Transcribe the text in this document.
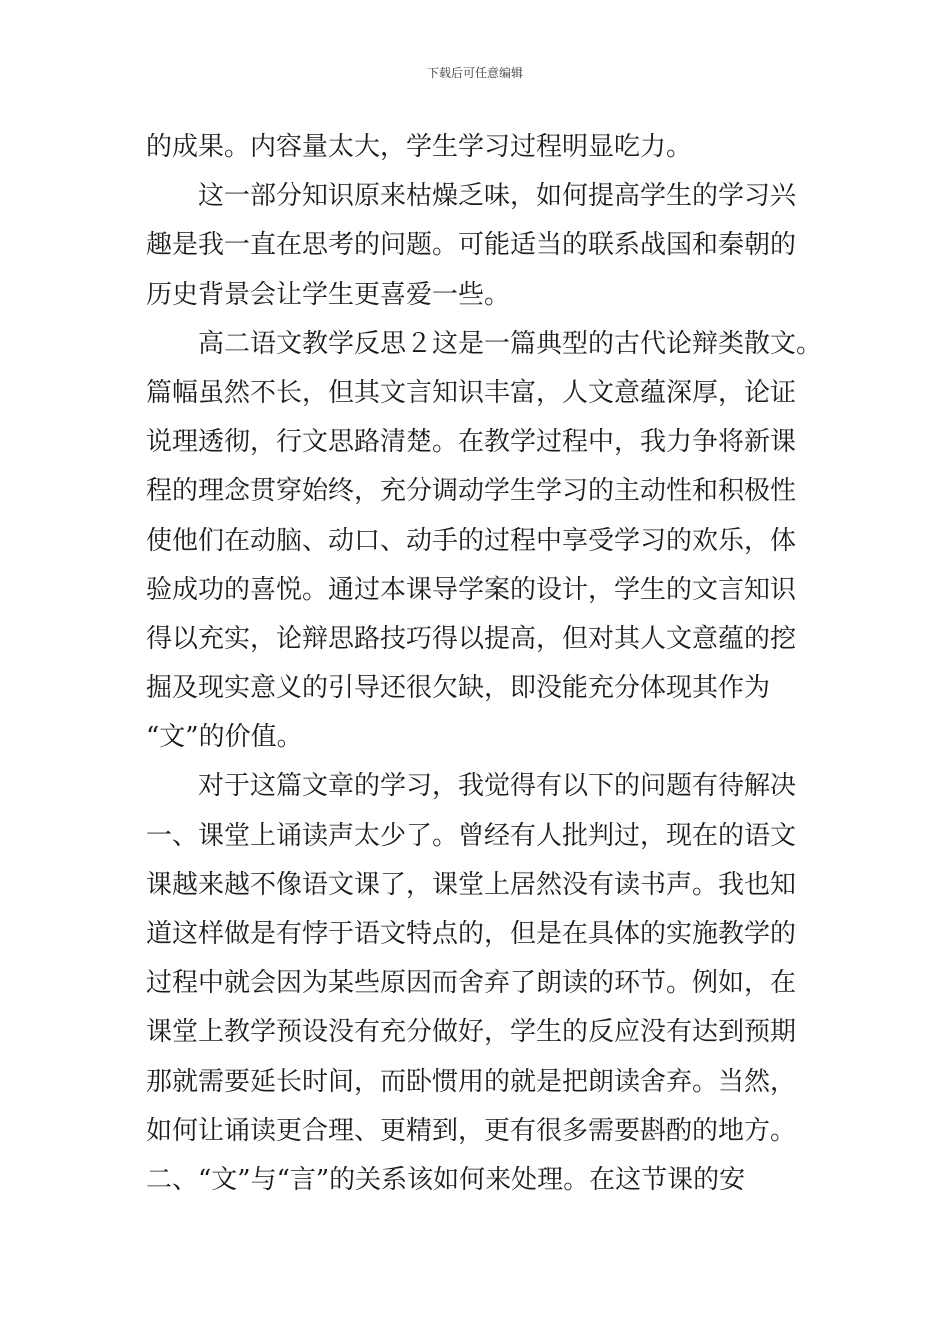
下载后可任意编辑
的成果。内容量太大，学生学习过程明显吃力。
　　这一部分知识原来枯燥乏味，如何提高学生的学习兴
趣是我一直在思考的问题。可能适当的联系战国和秦朝的
历史背景会让学生更喜爱一些。
　　高二语文教学反思２这是一篇典型的古代论辩类散文。
篇幅虽然不长，但其文言知识丰富，人文意蕴深厚，论证
说理透彻，行文思路清楚。在教学过程中，我力争将新课
程的理念贯穿始终，充分调动学生学习的主动性和积极性
使他们在动脑、动口、动手的过程中享受学习的欢乐，体
验成功的喜悦。通过本课导学案的设计，学生的文言知识
得以充实，论辩思路技巧得以提高，但对其人文意蕴的挖
掘及现实意义的引导还很欠缺，即没能充分体现其作为
“文”的价值。
　　对于这篇文章的学习，我觉得有以下的问题有待解决
一、课堂上诵读声太少了。曾经有人批判过，现在的语文
课越来越不像语文课了，课堂上居然没有读书声。我也知
道这样做是有悖于语文特点的，但是在具体的实施教学的
过程中就会因为某些原因而舍弃了朗读的环节。例如，在
课堂上教学预设没有充分做好，学生的反应没有达到预期
那就需要延长时间，而卧惯用的就是把朗读舍弃。当然，
如何让诵读更合理、更精到，更有很多需要斟酌的地方。
二、“文”与“言”的关系该如何来处理。在这节课的安
